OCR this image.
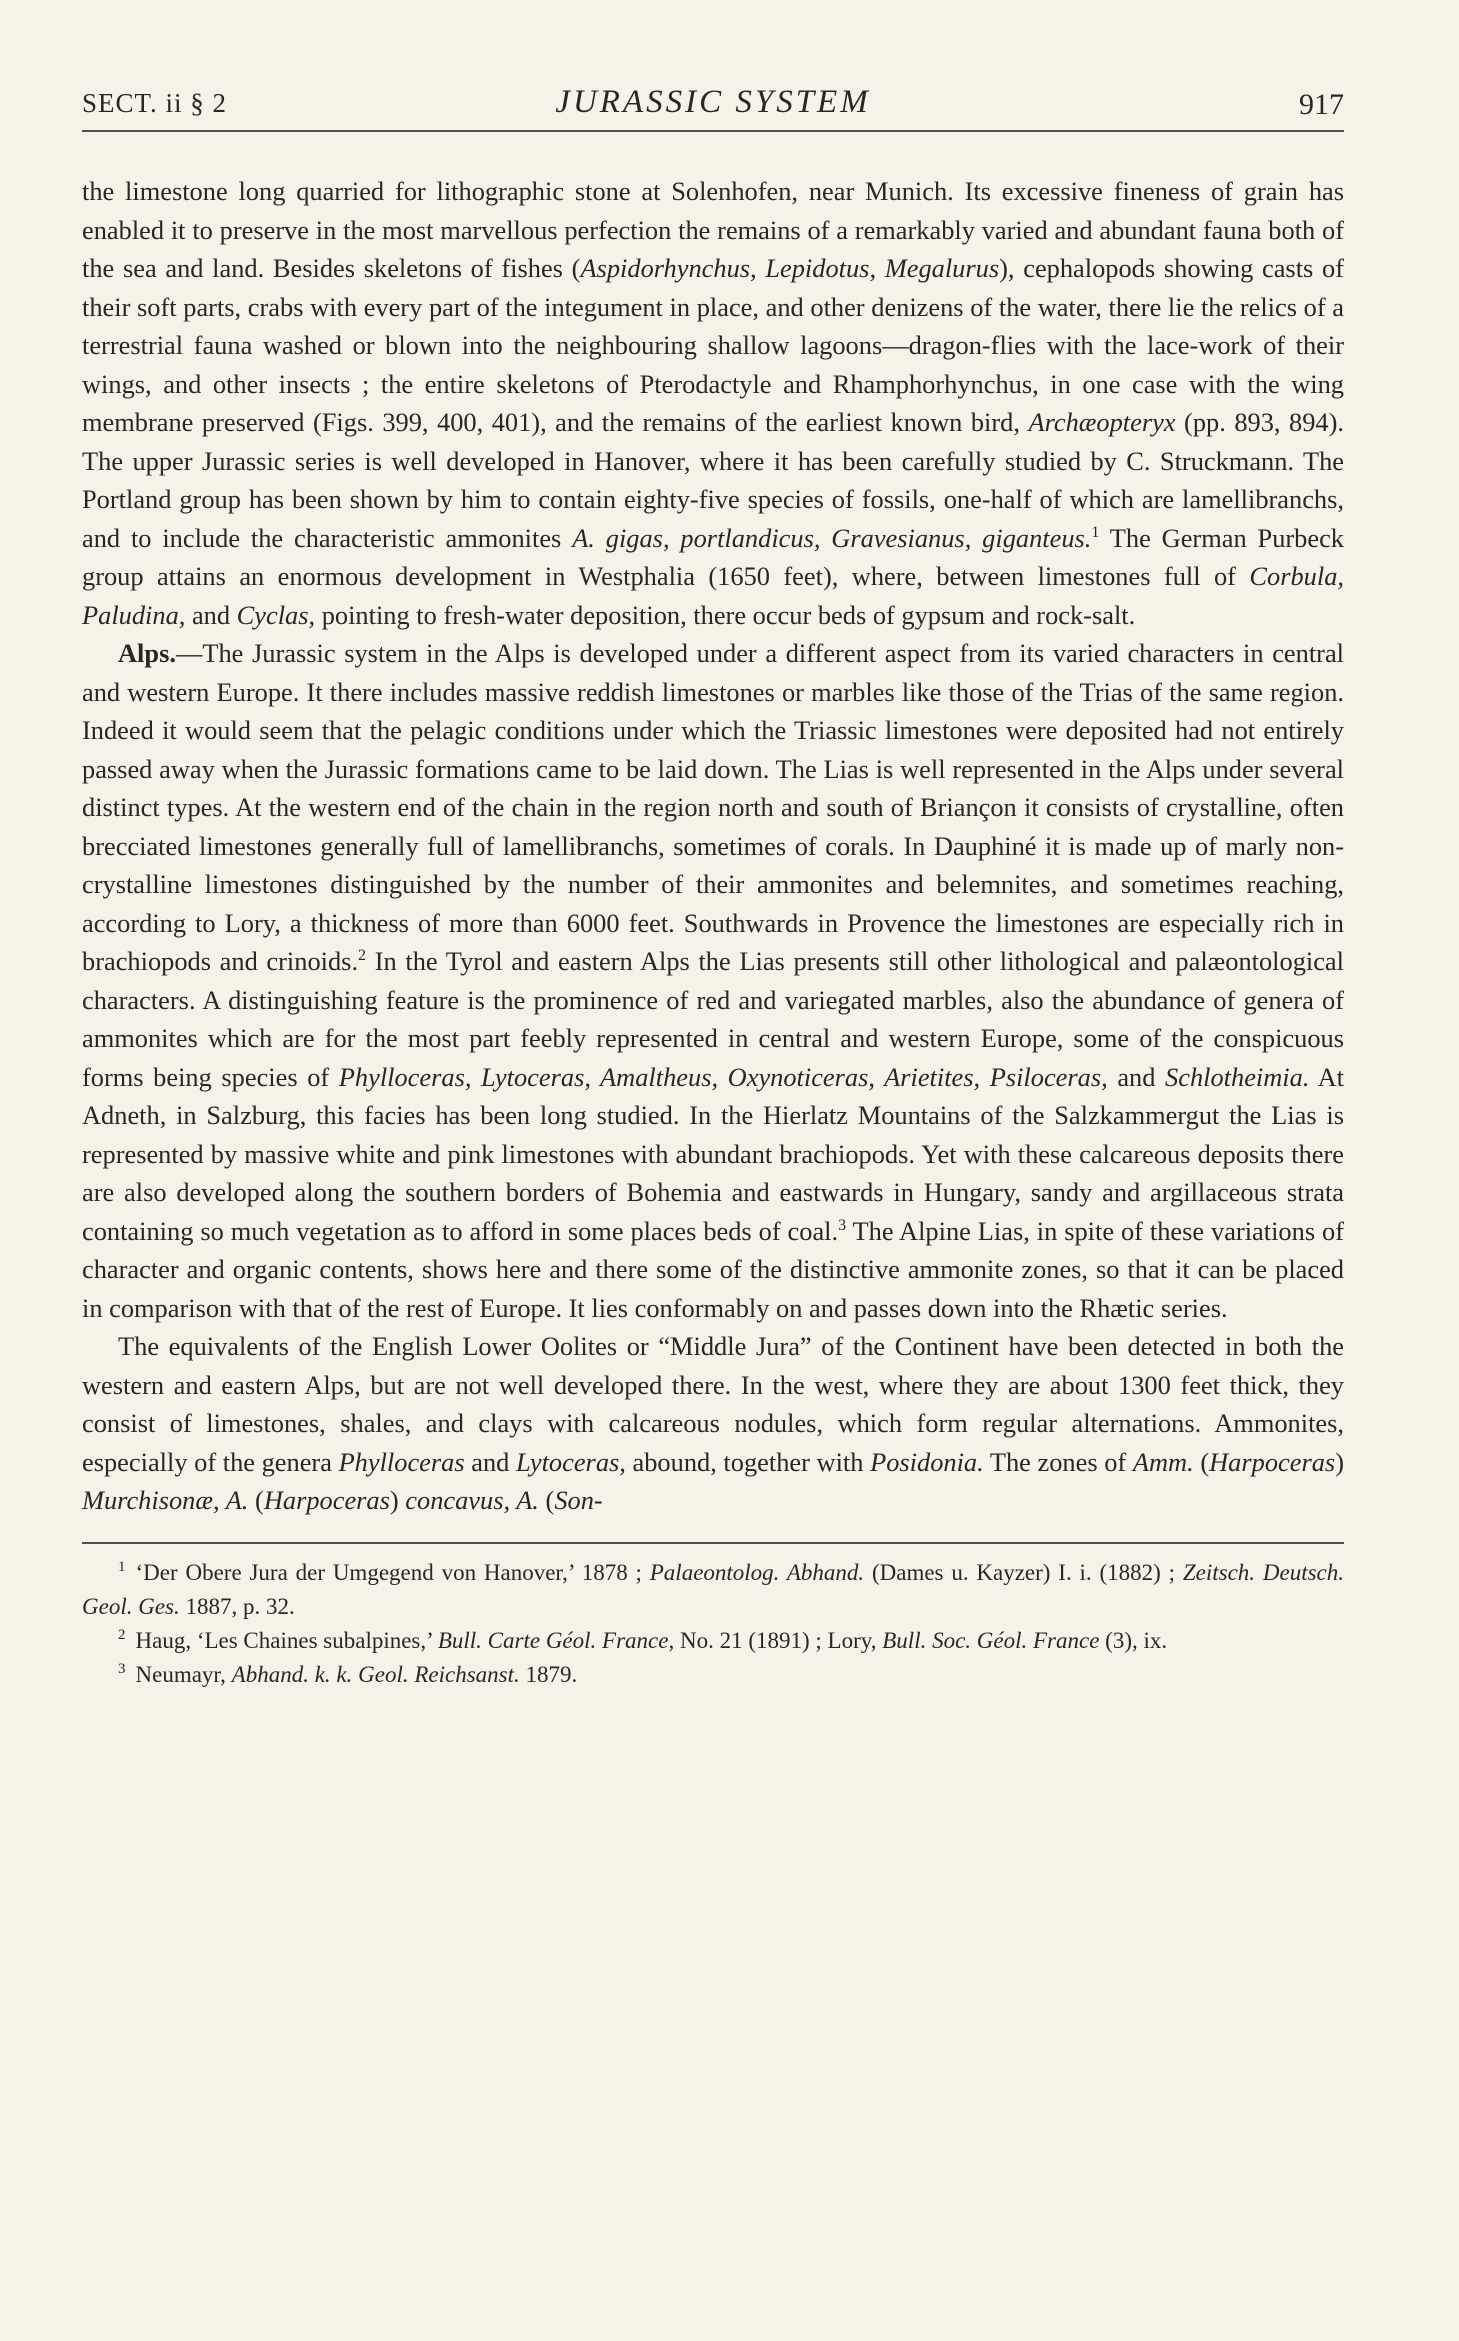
SECT. ii § 2	JURASSIC SYSTEM	917

the limestone long quarried for lithographic stone at Solenhofen, near Munich. Its excessive fineness of grain has enabled it to preserve in the most marvellous perfection the remains of a remarkably varied and abundant fauna both of the sea and land. Besides skeletons of fishes (Aspidorhynchus, Lepidotus, Megalurus), cephalopods showing casts of their soft parts, crabs with every part of the integument in place, and other denizens of the water, there lie the relics of a terrestrial fauna washed or blown into the neighbouring shallow lagoons—dragon-flies with the lace-work of their wings, and other insects ; the entire skeletons of Pterodactyle and Rhamphorhynchus, in one case with the wing membrane preserved (Figs. 399, 400, 401), and the remains of the earliest known bird, Archæopteryx (pp. 893, 894). The upper Jurassic series is well developed in Hanover, where it has been carefully studied by C. Struckmann. The Portland group has been shown by him to contain eighty-five species of fossils, one-half of which are lamellibranchs, and to include the characteristic ammonites A. gigas, portlandicus, Gravesianus, giganteus.$^1$ The German Purbeck group attains an enormous development in Westphalia (1650 feet), where, between limestones full of Corbula, Paludina, and Cyclas, pointing to fresh-water deposition, there occur beds of gypsum and rock-salt.

Alps.—The Jurassic system in the Alps is developed under a different aspect from its varied characters in central and western Europe. It there includes massive reddish limestones or marbles like those of the Trias of the same region. Indeed it would seem that the pelagic conditions under which the Triassic limestones were deposited had not entirely passed away when the Jurassic formations came to be laid down. The Lias is well represented in the Alps under several distinct types. At the western end of the chain in the region north and south of Briançon it consists of crystalline, often brecciated limestones generally full of lamellibranchs, sometimes of corals. In Dauphiné it is made up of marly non-crystalline limestones distinguished by the number of their ammonites and belemnites, and sometimes reaching, according to Lory, a thickness of more than 6000 feet. Southwards in Provence the limestones are especially rich in brachiopods and crinoids.$^2$ In the Tyrol and eastern Alps the Lias presents still other lithological and palæontological characters. A distinguishing feature is the prominence of red and variegated marbles, also the abundance of genera of ammonites which are for the most part feebly represented in central and western Europe, some of the conspicuous forms being species of Phylloceras, Lytoceras, Amaltheus, Oxynoticeras, Arietites, Psiloceras, and Schlotheimia. At Adneth, in Salzburg, this facies has been long studied. In the Hierlatz Mountains of the Salzkammergut the Lias is represented by massive white and pink limestones with abundant brachiopods. Yet with these calcareous deposits there are also developed along the southern borders of Bohemia and eastwards in Hungary, sandy and argillaceous strata containing so much vegetation as to afford in some places beds of coal.$^3$ The Alpine Lias, in spite of these variations of character and organic contents, shows here and there some of the distinctive ammonite zones, so that it can be placed in comparison with that of the rest of Europe. It lies conformably on and passes down into the Rhætic series.

The equivalents of the English Lower Oolites or “Middle Jura” of the Continent have been detected in both the western and eastern Alps, but are not well developed there. In the west, where they are about 1300 feet thick, they consist of limestones, shales, and clays with calcareous nodules, which form regular alternations. Ammonites, especially of the genera Phylloceras and Lytoceras, abound, together with Posidonia. The zones of Amm. (Harpoceras) Murchisonæ, A. (Harpoceras) concavus, A. (Son-

$^1$ ‘Der Obere Jura der Umgegend von Hanover,’ 1878 ; Palaeontolog. Abhand. (Dames u. Kayzer) I. i. (1882) ; Zeitsch. Deutsch. Geol. Ges. 1887, p. 32.

$^2$ Haug, ‘Les Chaines subalpines,’ Bull. Carte Géol. France, No. 21 (1891) ; Lory, Bull. Soc. Géol. France (3), ix.

$^3$ Neumayr, Abhand. k. k. Geol. Reichsanst. 1879.
